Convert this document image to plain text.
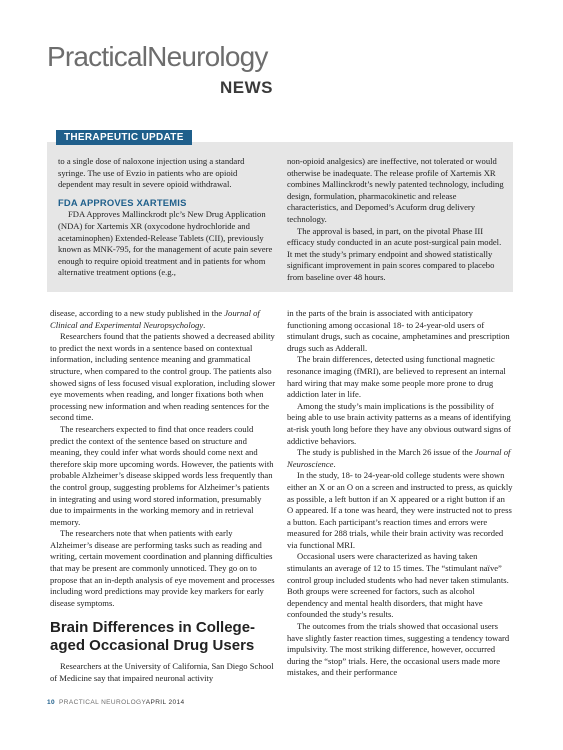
PracticalNeurology
NEWS
THERAPEUTIC UPDATE

to a single dose of naloxone injection using a standard syringe. The use of Evzio in patients who are opioid dependent may result in severe opioid withdrawal.

FDA APPROVES XARTEMIS

FDA Approves Mallinckrodt plc’s New Drug Application (NDA) for Xartemis XR (oxycodone hydrochloride and acetaminophen) Extended-Release Tablets (CII), previously known as MNK-795, for the management of acute pain severe enough to require opioid treatment and in patients for whom alternative treatment options (e.g.,

non-opioid analgesics) are ineffective, not tolerated or would otherwise be inadequate. The release profile of Xartemis XR combines Mallinckrodt’s newly patented technology, including design, formulation, pharmacokinetic and release characteristics, and Depomed’s Acuform drug delivery technology.

The approval is based, in part, on the pivotal Phase III efficacy study conducted in an acute post-surgical pain model. It met the study’s primary endpoint and showed statistically significant improvement in pain scores compared to placebo from baseline over 48 hours.

disease, according to a new study published in the Journal of Clinical and Experimental Neuropsychology.

Researchers found that the patients showed a decreased ability to predict the next words in a sentence based on contextual information, including sentence meaning and grammatical structure, when compared to the control group. The patients also showed signs of less focused visual exploration, including slower eye movements when reading, and longer fixations both when processing new information and when reading sentences for the second time.

The researchers expected to find that once readers could predict the context of the sentence based on structure and meaning, they could infer what words should come next and therefore skip more upcoming words. However, the patients with probable Alzheimer’s disease skipped words less frequently than the control group, suggesting problems for Alzheimer’s patients in integrating and using word stored information, presumably due to impairments in the working memory and in retrieval memory.

The researchers note that when patients with early Alzheimer’s disease are performing tasks such as reading and writing, certain movement coordination and planning difficulties that may be present are commonly unnoticed. They go on to propose that an in-depth analysis of eye movement and processes including word predictions may provide key markers for early disease symptoms.

Brain Differences in College-aged Occasional Drug Users

Researchers at the University of California, San Diego School of Medicine say that impaired neuronal activity

in the parts of the brain is associated with anticipatory functioning among occasional 18- to 24-year-old users of stimulant drugs, such as cocaine, amphetamines and prescription drugs such as Adderall.

The brain differences, detected using functional magnetic resonance imaging (fMRI), are believed to represent an internal hard wiring that may make some people more prone to drug addiction later in life.

Among the study’s main implications is the possibility of being able to use brain activity patterns as a means of identifying at-risk youth long before they have any obvious outward signs of addictive behaviors.

The study is published in the March 26 issue of the Journal of Neuroscience.

In the study, 18- to 24-year-old college students were shown either an X or an O on a screen and instructed to press, as quickly as possible, a left button if an X appeared or a right button if an O appeared. If a tone was heard, they were instructed not to press a button. Each participant’s reaction times and errors were measured for 288 trials, while their brain activity was recorded via functional MRI.

Occasional users were characterized as having taken stimulants an average of 12 to 15 times. The “stimulant naïve” control group included students who had never taken stimulants. Both groups were screened for factors, such as alcohol dependency and mental health disorders, that might have confounded the study’s results.

The outcomes from the trials showed that occasional users have slightly faster reaction times, suggesting a tendency toward impulsivity. The most striking difference, however, occurred during the “stop” trials. Here, the occasional users made more mistakes, and their performance

10 PRACTICAL NEUROLOGYAPRIL 2014
